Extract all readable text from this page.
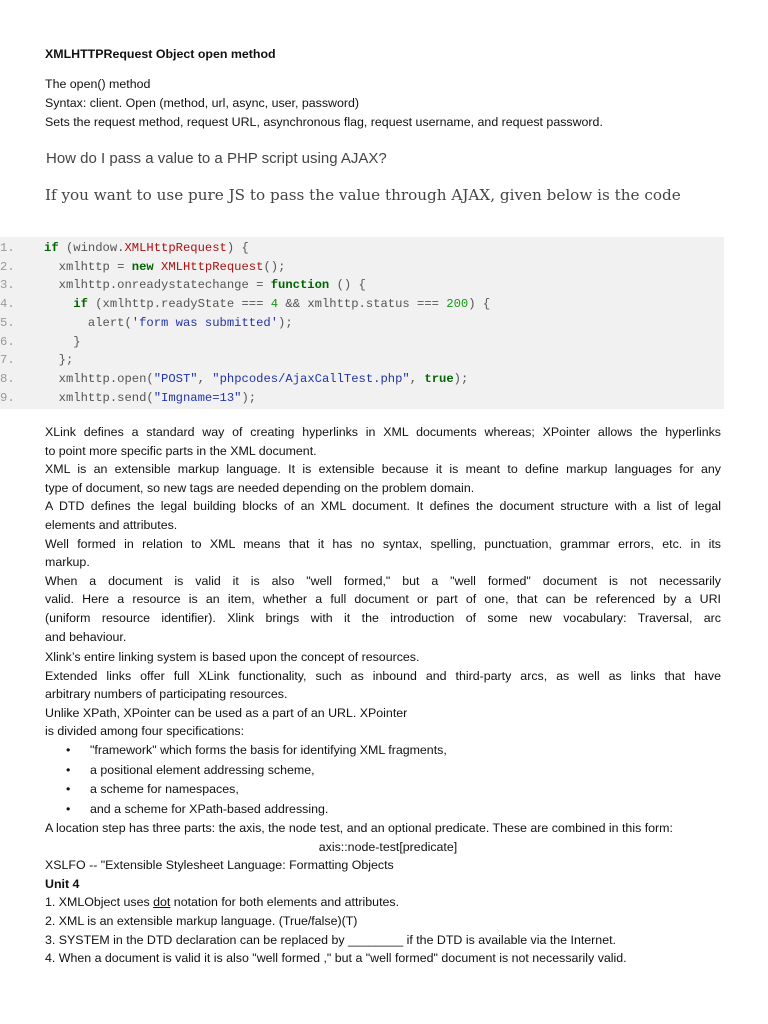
XMLHTTPRequest Object open method
The open() method
Syntax: client. Open (method, url, async, user, password)
Sets the request method, request URL, asynchronous flag, request username, and request password.
How do I pass a value to a PHP script using AJAX?
If you want to use pure JS to pass the value through AJAX, given below is the code
1. if (window.XMLHttpRequest) {
2.  xmlhttp = new XMLHttpRequest();
3.  xmlhttp.onreadystatechange = function () {
4.	if (xmlhttp.readyState === 4 && xmlhttp.status === 200) {
5.      alert('form was submitted');
6.    }
7.  };
8.  xmlhttp.open("POST", "phpcodes/AjaxCallTest.php", true);
9.  xmlhttp.send("Imgname=13");
XLink defines a standard way of creating hyperlinks in XML documents whereas; XPointer allows the hyperlinks
to point more specific parts in the XML document.
XML is an extensible markup language. It is extensible because it is meant to define markup languages for any
type of document, so new tags are needed depending on the problem domain.
A DTD defines the legal building blocks of an XML document. It defines the document structure with a list of legal
elements and attributes.
Well formed in relation to XML means that it has no syntax, spelling, punctuation, grammar errors, etc. in its
markup.
When a document is valid it is also "well formed," but a "well formed" document is not necessarily
valid. Here a resource is an item, whether a full document or part of one, that can be referenced by a URI
(uniform resource identifier). Xlink brings with it the introduction of some new vocabulary: Traversal, arc
and behaviour.
Xlink’s entire linking system is based upon the concept of resources.
Extended links offer full XLink functionality, such as inbound and third-party arcs, as well as links that have
arbitrary numbers of participating resources.
Unlike XPath, XPointer can be used as a part of an URL. XPointer
is divided among four specifications:
• "framework" which forms the basis for identifying XML fragments,
• a positional element addressing scheme,
• a scheme for namespaces,
• and a scheme for XPath-based addressing.
A location step has three parts: the axis, the node test, and an optional predicate. These are combined in this form:
axis::node-test[predicate]
XSLFO -- "Extensible Stylesheet Language: Formatting Objects
Unit 4
1. XMLObject uses dot notation for both elements and attributes.
2. XML is an extensible markup language. (True/false)(T)
3. SYSTEM in the DTD declaration can be replaced by ________ if the DTD is available via the Internet.
4. When a document is valid it is also "well formed ," but a "well formed" document is not necessarily valid.
